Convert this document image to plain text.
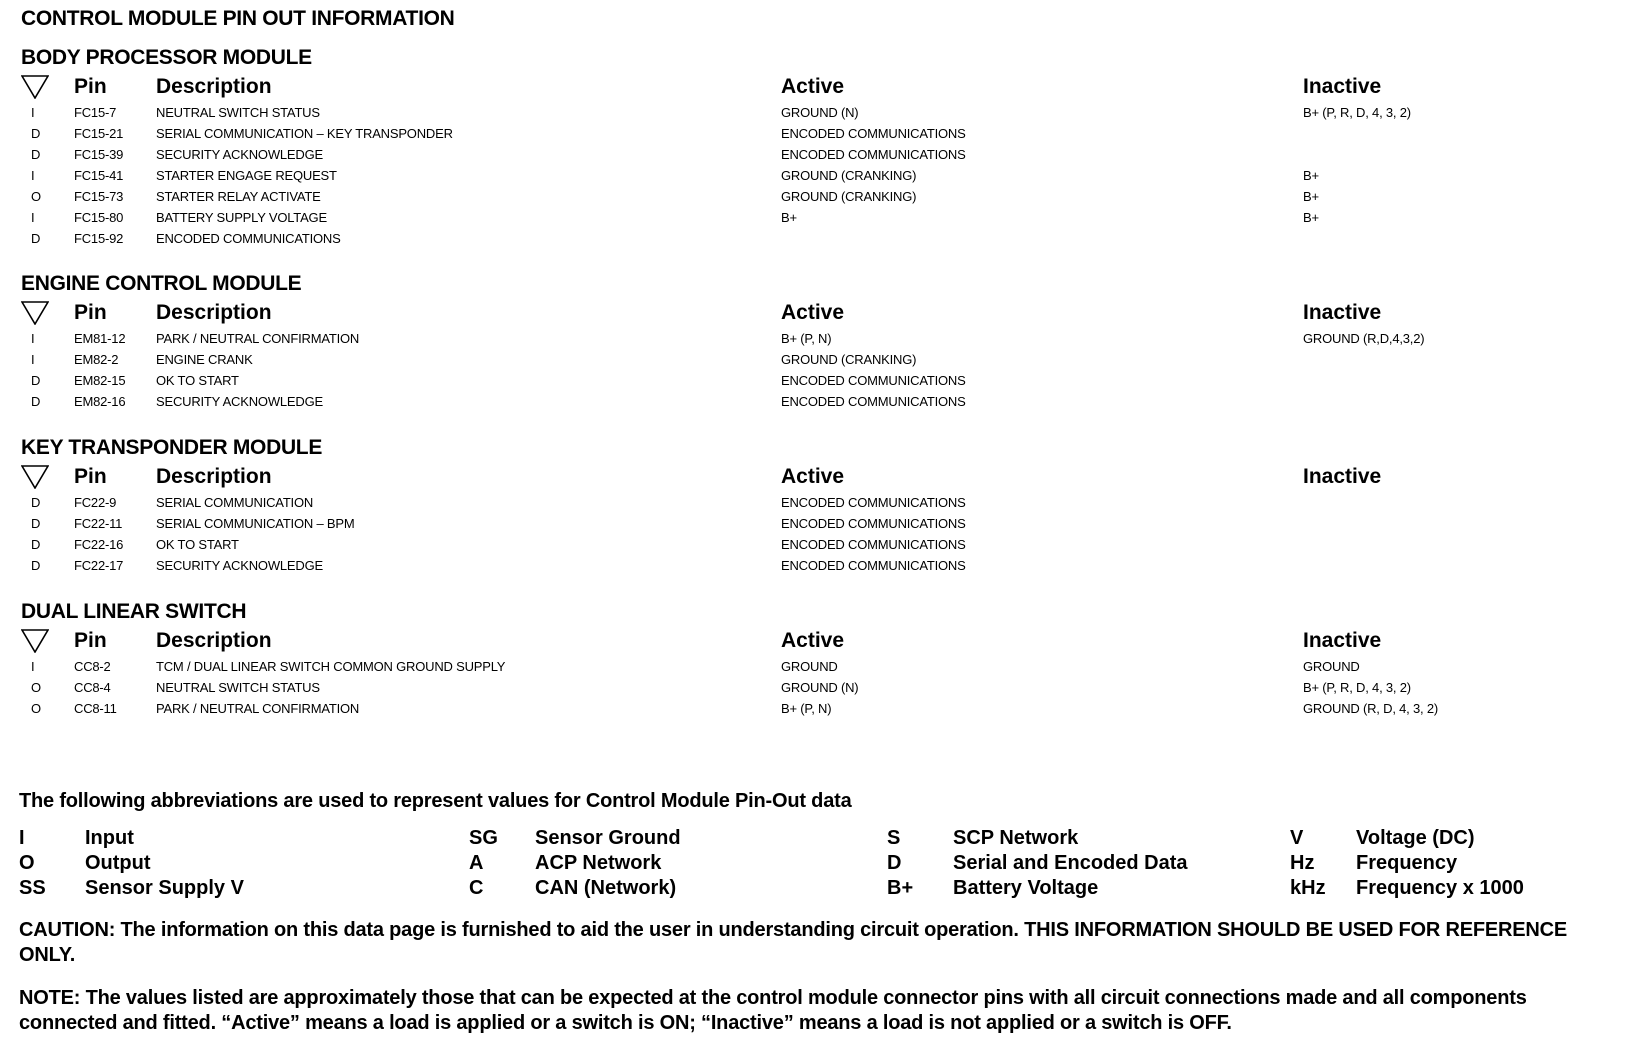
CONTROL MODULE PIN OUT INFORMATION
BODY PROCESSOR MODULE
Pin Description	Active	Inactive
I	FC15-7	NEUTRAL SWITCH STATUS	GROUND (N)	B+ (P, R, D, 4, 3, 2)
D	FC15-21	SERIAL COMMUNICATION – KEY TRANSPONDER	ENCODED COMMUNICATIONS
D	FC15-39	SECURITY ACKNOWLEDGE	ENCODED COMMUNICATIONS
I	FC15-41	STARTER ENGAGE REQUEST	GROUND (CRANKING)	B+
O	FC15-73	STARTER RELAY ACTIVATE	GROUND (CRANKING)	B+
I	FC15-80	BATTERY SUPPLY VOLTAGE	B+	B+
D	FC15-92	ENCODED COMMUNICATIONS
ENGINE CONTROL MODULE
Pin Description	Active	Inactive
I	EM81-12 PARK / NEUTRAL CONFIRMATION	B+ (P, N)	GROUND (R,D,4,3,2)
I	EM82-2	ENGINE CRANK	GROUND (CRANKING)
D	EM82-15 OK TO START	ENCODED COMMUNICATIONS
D	EM82-16 SECURITY ACKNOWLEDGE	ENCODED COMMUNICATIONS
KEY TRANSPONDER MODULE
Pin Description	Active	Inactive
D	FC22-9	SERIAL COMMUNICATION	ENCODED COMMUNICATIONS
D	FC22-11	SERIAL COMMUNICATION – BPM	ENCODED COMMUNICATIONS
D	FC22-16	OK TO START	ENCODED COMMUNICATIONS
D	FC22-17	SECURITY ACKNOWLEDGE	ENCODED COMMUNICATIONS
DUAL LINEAR SWITCH
Pin Description	Active	Inactive
I	CC8-2	TCM / DUAL LINEAR SWITCH COMMON GROUND SUPPLY	GROUND	GROUND
O	CC8-4	NEUTRAL SWITCH STATUS	GROUND (N)	B+ (P, R, D, 4, 3, 2)
O	CC8-11	PARK / NEUTRAL CONFIRMATION	B+ (P, N)	GROUND (R, D, 4, 3, 2)
The following abbreviations are used to represent values for Control Module Pin-Out data
I	Input
O	Output
SS Sensor Supply V
SG Sensor Ground
A	ACP Network
C	CAN (Network)
S	SCP Network
D	Serial and Encoded Data
B+ Battery Voltage
V	Voltage (DC)
Hz Frequency
kHz Frequency x 1000
CAUTION: The information on this data page is furnished to aid the user in understanding circuit operation. THIS INFORMATION SHOULD BE USED FOR REFERENCE ONLY.
NOTE: The values listed are approximately those that can be expected at the control module connector pins with all circuit connections made and all components connected and fitted. “Active” means a load is applied or a switch is ON; “Inactive” means a load is not applied or a switch is OFF.
